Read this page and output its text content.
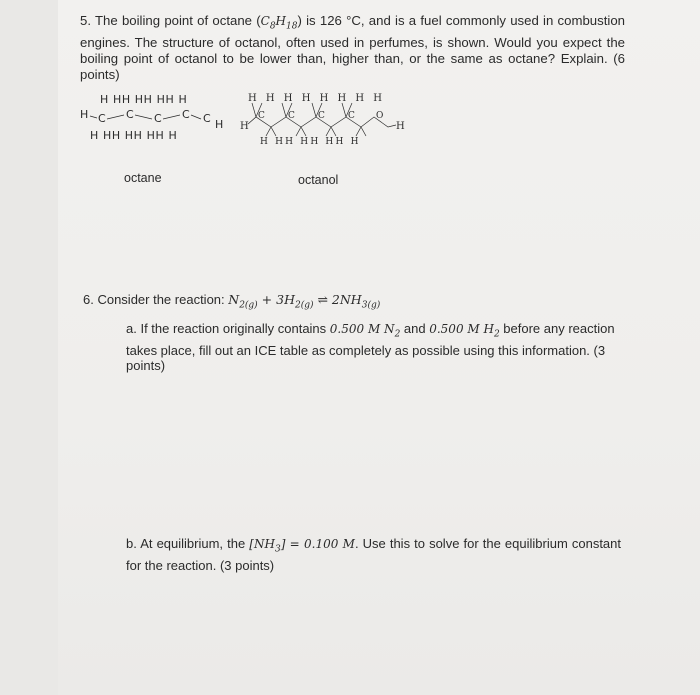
5. The boiling point of octane $(C_8H_{18})$ is 126 °C, and is a fuel commonly used in combustion engines. The structure of octanol, often used in perfumes, is shown. Would you expect the boiling point of octanol to be lower than, higher than, or the same as octane? Explain. (6 points)
H HH HH HH H
H C C C C C H
H HH HH HH H
H H H H H H H H
H
C	C	C	C O
H
H HH HH HH H
octane	octanol
6. Consider the reaction: $N_{2(g)} + 3H_{2(g)}$ ⇌ $2NH_{3(g)}$
a. If the reaction originally contains 0.500 M $N_2$ and 0.500 M $H_2$ before any reaction takes place, fill out an ICE table as completely as possible using this information. (3 points)
b. At equilibrium, the $[NH_3] = 0.100$ M. Use this to solve for the equilibrium constant for the reaction. (3 points)
